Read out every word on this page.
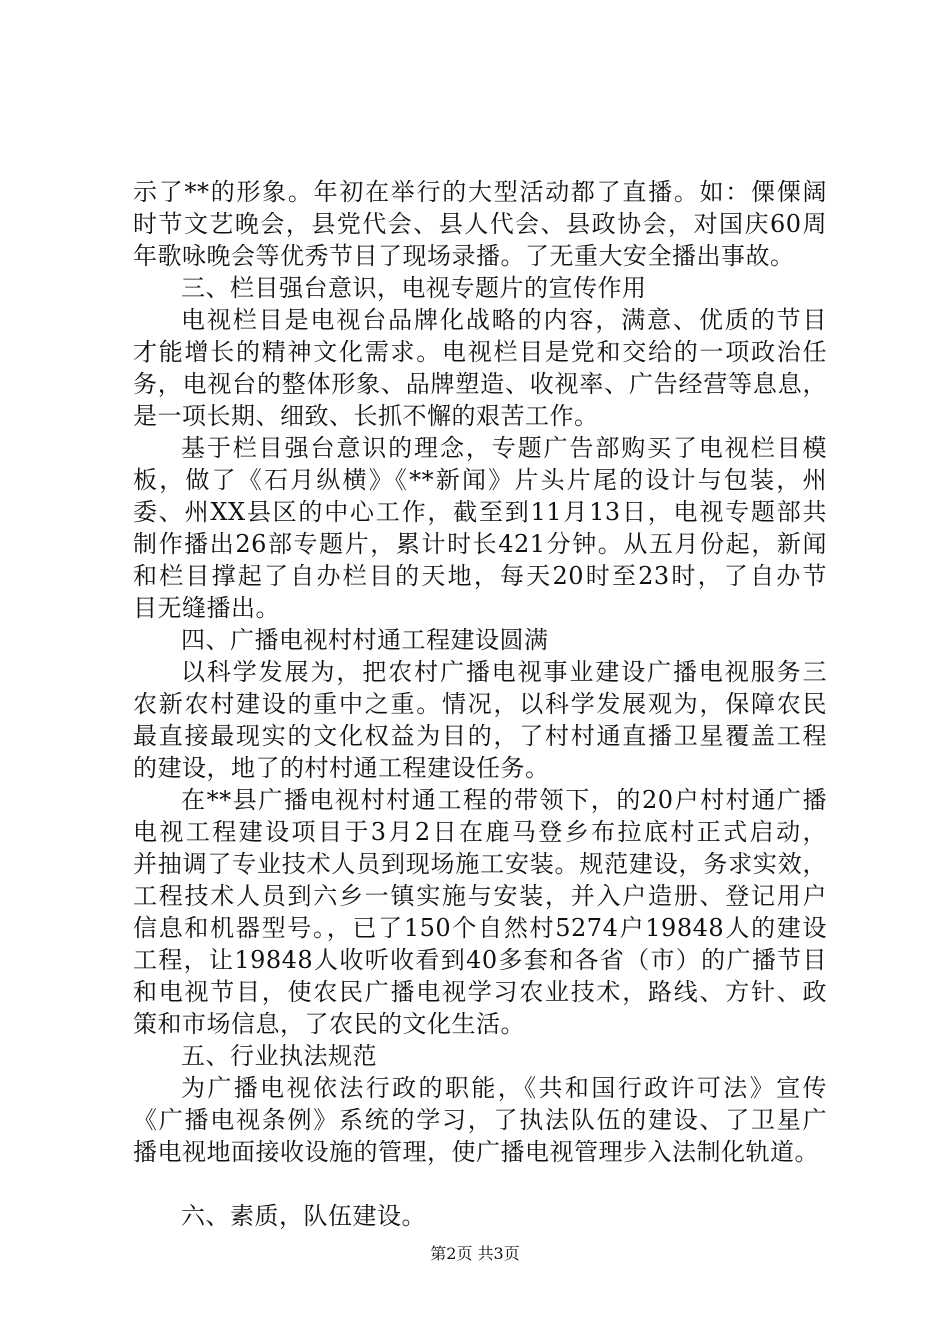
示了**的形象。年初在举行的大型活动都了直播。如：傈傈阔
时节文艺晚会，县党代会、县人代会、县政协会，对国庆60周
年歌咏晚会等优秀节目了现场录播。了无重大安全播出事故。
三、栏目强台意识，电视专题片的宣传作用
电视栏目是电视台品牌化战略的内容，满意、优质的节目
才能增长的精神文化需求。电视栏目是党和交给的一项政治任
务，电视台的整体形象、品牌塑造、收视率、广告经营等息息，
是一项长期、细致、长抓不懈的艰苦工作。
基于栏目强台意识的理念，专题广告部购买了电视栏目模
板，做了《石月纵横》《**新闻》片头片尾的设计与包装，州
委、州XX县区的中心工作，截至到11月13日，电视专题部共
制作播出26部专题片，累计时长421分钟。从五月份起，新闻
和栏目撑起了自办栏目的天地，每天20时至23时，了自办节
目无缝播出。
四、广播电视村村通工程建设圆满
以科学发展为，把农村广播电视事业建设广播电视服务三
农新农村建设的重中之重。情况，以科学发展观为，保障农民
最直接最现实的文化权益为目的，了村村通直播卫星覆盖工程
的建设，地了的村村通工程建设任务。
在**县广播电视村村通工程的带领下，的20户村村通广播
电视工程建设项目于3月2日在鹿马登乡布拉底村正式启动，
并抽调了专业技术人员到现场施工安装。规范建设，务求实效，
工程技术人员到六乡一镇实施与安装，并入户造册、登记用户
信息和机器型号。，已了150个自然村5274户19848人的建设
工程，让19848人收听收看到40多套和各省（市）的广播节目
和电视节目，使农民广播电视学习农业技术，路线、方针、政
策和市场信息，了农民的文化生活。
五、行业执法规范
为广播电视依法行政的职能，《共和国行政许可法》宣传
《广播电视条例》系统的学习，了执法队伍的建设、了卫星广
播电视地面接收设施的管理，使广播电视管理步入法制化轨道。
六、素质，队伍建设。
第2页 共3页
